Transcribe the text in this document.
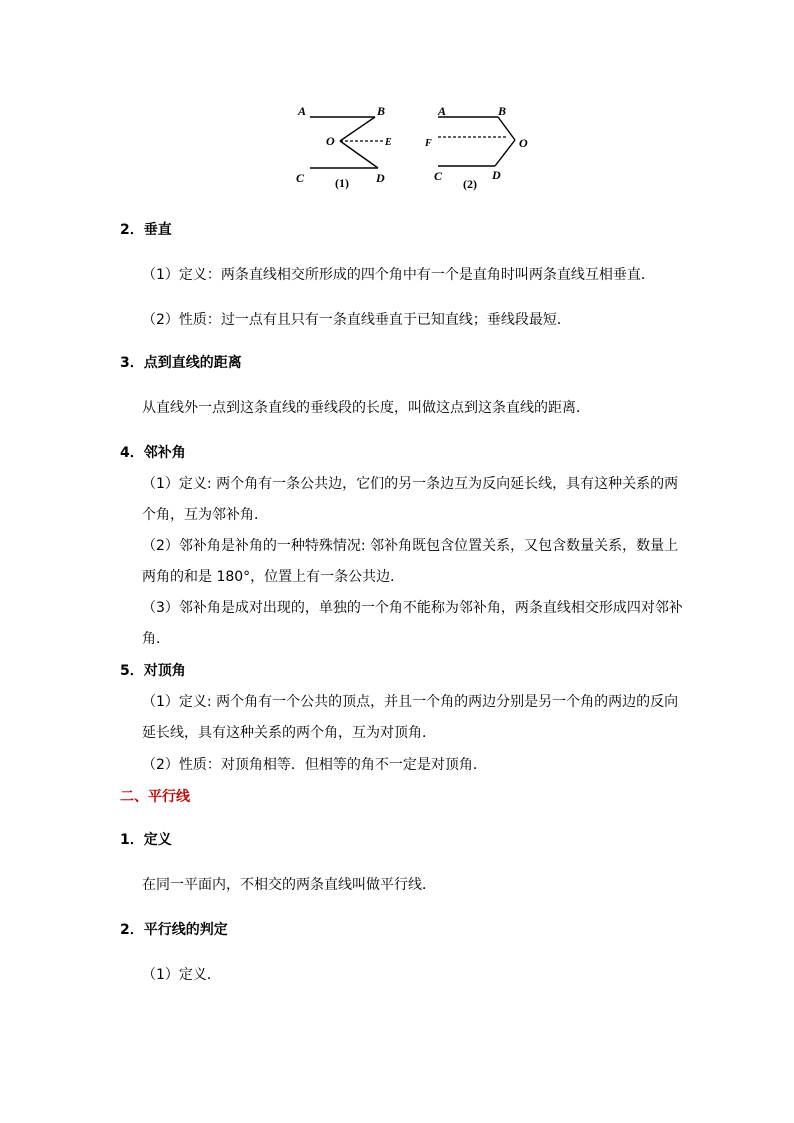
A	B
O	E
C	D
(1)
A	B
F	O
C	D
(2)
2．垂直
（1）定义：两条直线相交所形成的四个角中有一个是直角时叫两条直线互相垂直．
（2）性质：过一点有且只有一条直线垂直于已知直线；垂线段最短．
3．点到直线的距离
从直线外一点到这条直线的垂线段的长度，叫做这点到这条直线的距离．
4．邻补角
（1）定义: 两个角有一条公共边，它们的另一条边互为反向延长线，具有这种关系的两
个角，互为邻补角．
（2）邻补角是补角的一种特殊情况: 邻补角既包含位置关系，又包含数量关系，数量上
两角的和是 180°，位置上有一条公共边．
（3）邻补角是成对出现的，单独的一个角不能称为邻补角，两条直线相交形成四对邻补
角．
5．对顶角
（1）定义: 两个角有一个公共的顶点，并且一个角的两边分别是另一个角的两边的反向
延长线，具有这种关系的两个角，互为对顶角．
（2）性质：对顶角相等．但相等的角不一定是对顶角．
二、平行线
1．定义
在同一平面内，不相交的两条直线叫做平行线．
2．平行线的判定
（1）定义．
